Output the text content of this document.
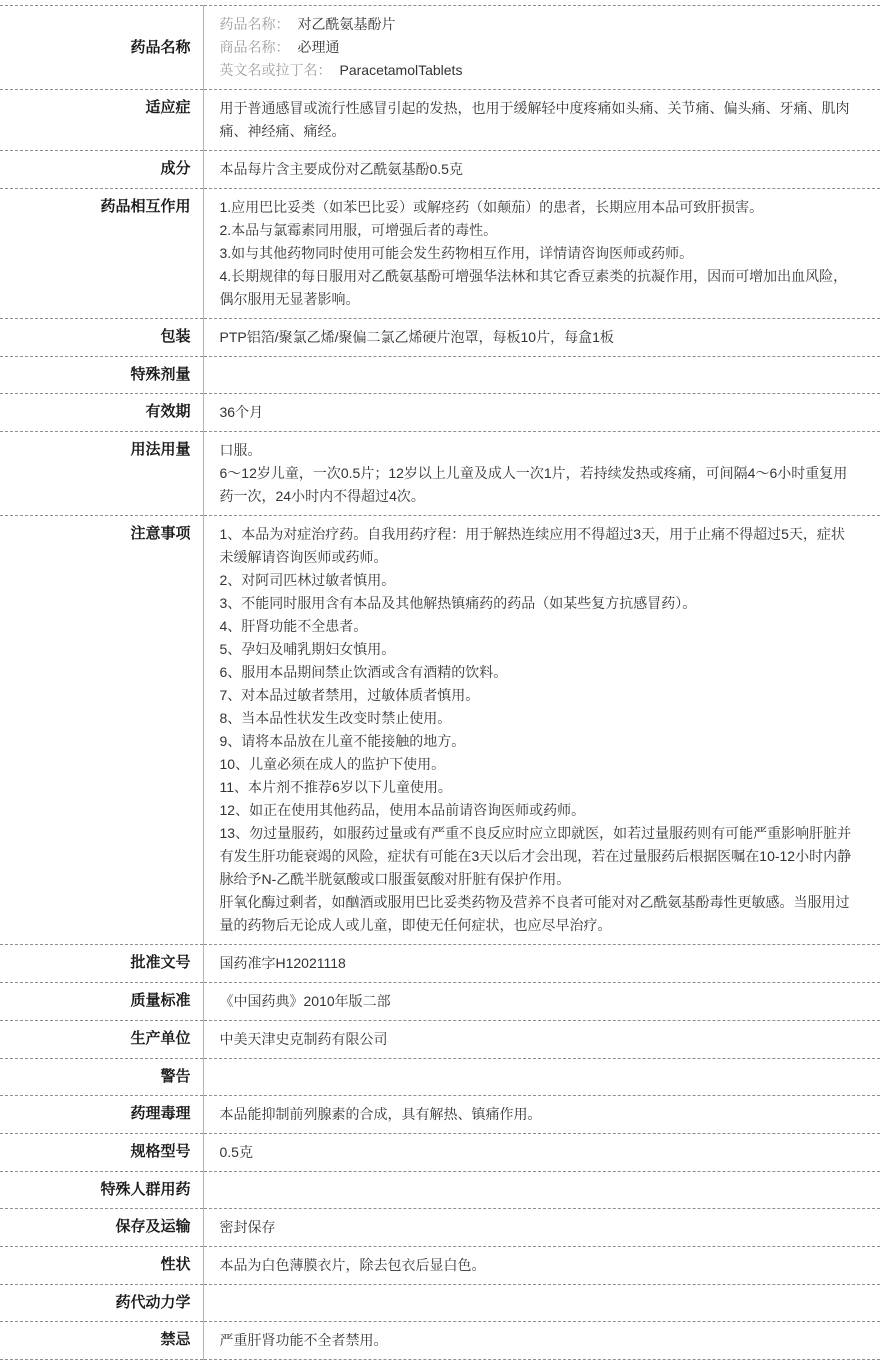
药品名称	药品名称： 对乙酰氨基酚片
商品名称： 必理通
英文名或拉丁名： ParacetamolTablets

适应症	用于普通感冒或流行性感冒引起的发热，也用于缓解轻中度疼痛如头痛、关节痛、偏头痛、牙痛、肌肉痛、神经痛、痛经。

成分	本品每片含主要成份对乙酰氨基酚0.5克

药品相互作用	1.应用巴比妥类（如苯巴比妥）或解痉药（如颠茄）的患者，长期应用本品可致肝损害。
2.本品与氯霉素同用服，可增强后者的毒性。
3.如与其他药物同时使用可能会发生药物相互作用，详情请咨询医师或药师。
4.长期规律的每日服用对乙酰氨基酚可增强华法林和其它香豆素类的抗凝作用，因而可增加出血风险，偶尔服用无显著影响。

包装	PTP铝箔/聚氯乙烯/聚偏二氯乙烯硬片泡罩，每板10片，每盒1板

特殊剂量	
有效期	36个月

用法用量	口服。
6～12岁儿童，一次0.5片；12岁以上儿童及成人一次1片，若持续发热或疼痛，可间隔4～6小时重复用药一次，24小时内不得超过4次。

注意事项	1、本品为对症治疗药。自我用药疗程：用于解热连续应用不得超过3天，用于止痛不得超过5天，症状未缓解请咨询医师或药师。
2、对阿司匹林过敏者慎用。
3、不能同时服用含有本品及其他解热镇痛药的药品（如某些复方抗感冒药）。
4、肝肾功能不全患者。
5、孕妇及哺乳期妇女慎用。
6、服用本品期间禁止饮酒或含有酒精的饮料。
7、对本品过敏者禁用，过敏体质者慎用。
8、当本品性状发生改变时禁止使用。
9、请将本品放在儿童不能接触的地方。
10、儿童必须在成人的监护下使用。
11、本片剂不推荐6岁以下儿童使用。
12、如正在使用其他药品，使用本品前请咨询医师或药师。
13、勿过量服药，如服药过量或有严重不良反应时应立即就医，如若过量服药则有可能严重影响肝脏并有发生肝功能衰竭的风险，症状有可能在3天以后才会出现，若在过量服药后根据医嘱在10-12小时内静脉给予N-乙酰半胱氨酸或口服蛋氨酸对肝脏有保护作用。
肝氧化酶过剩者，如酗酒或服用巴比妥类药物及营养不良者可能对对乙酰氨基酚毒性更敏感。当服用过量的药物后无论成人或儿童，即使无任何症状，也应尽早治疗。

批准文号	国药准字H12021118

质量标准	《中国药典》2010年版二部

生产单位	中美天津史克制药有限公司

警告	
药理毒理	本品能抑制前列腺素的合成，具有解热、镇痛作用。

规格型号	0.5克

特殊人群用药	
保存及运输	密封保存

性状	本品为白色薄膜衣片，除去包衣后显白色。

药代动力学	
禁忌	严重肝肾功能不全者禁用。
